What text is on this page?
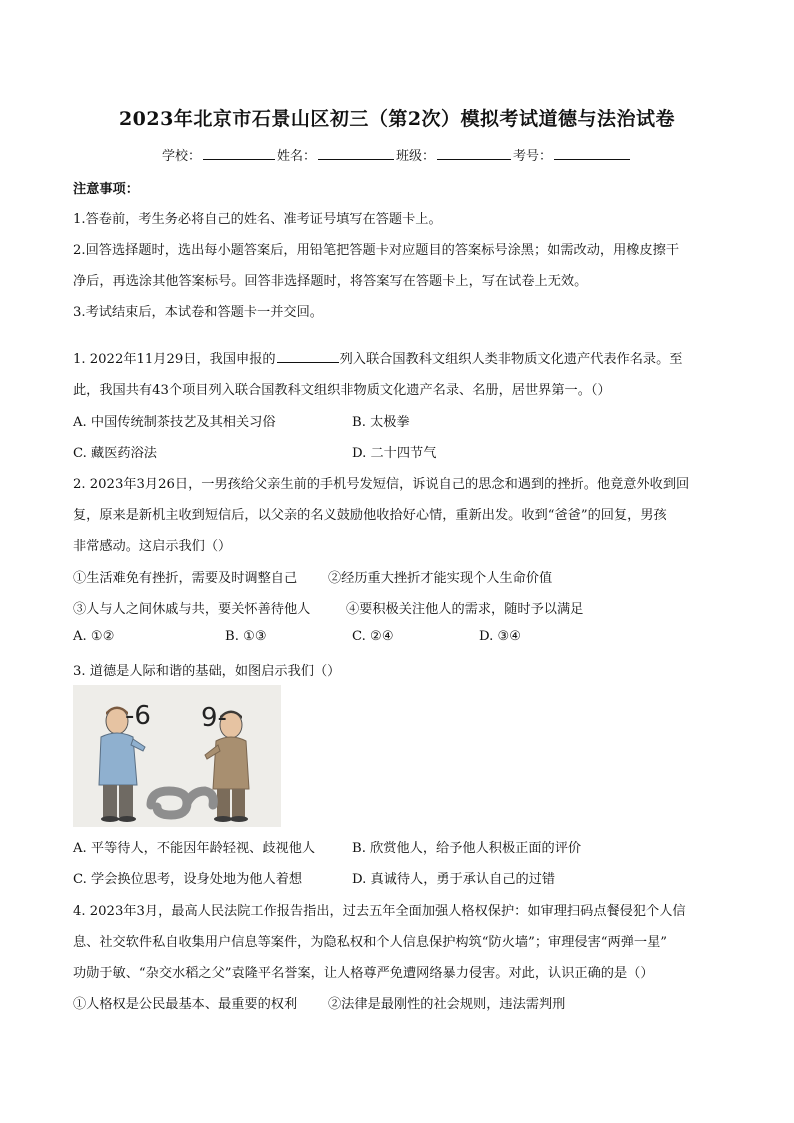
2023年北京市石景山区初三（第2次）模拟考试道德与法治试卷
学校：	姓名：	班级：	考号：
注意事项：
1.答卷前，考生务必将自己的姓名、准考证号填写在答题卡上。
2.回答选择题时，选出每小题答案后，用铅笔把答题卡对应题目的答案标号涂黑；如需改动，用橡皮擦干
净后，再选涂其他答案标号。回答非选择题时，将答案写在答题卡上，写在试卷上无效。
3.考试结束后，本试卷和答题卡一并交回。
1. 2022年11月29日，我国申报的	列入联合国教科文组织人类非物质文化遗产代表作名录。至
此，我国共有43个项目列入联合国教科文组织非物质文化遗产名录、名册，居世界第一。（）
A. 中国传统制茶技艺及其相关习俗	B. 太极拳
C. 藏医药浴法	D. 二十四节气
2. 2023年3月26日，一男孩给父亲生前的手机号发短信，诉说自己的思念和遇到的挫折。他竟意外收到回
复，原来是新机主收到短信后，以父亲的名义鼓励他收拾好心情，重新出发。收到“爸爸”的回复，男孩
非常感动。这启示我们（）
①生活难免有挫折，需要及时调整自己 ②经历重大挫折才能实现个人生命价值
③人与人之间休戚与共，要关怀善待他人	④要积极关注他人的需求，随时予以满足
A. ①②	B. ①③	C. ②④	D. ③④
3. 道德是人际和谐的基础，如图启示我们（）
-6 9-
A. 平等待人，不能因年龄轻视、歧视他人	B. 欣赏他人，给予他人积极正面的评价
C. 学会换位思考，设身处地为他人着想	D. 真诚待人，勇于承认自己的过错
4. 2023年3月，最高人民法院工作报告指出，过去五年全面加强人格权保护：如审理扫码点餐侵犯个人信
息、社交软件私自收集用户信息等案件，为隐私权和个人信息保护构筑“防火墙”；审理侵害“两弹一星”
功勋于敏、“杂交水稻之父”袁隆平名誉案，让人格尊严免遭网络暴力侵害。对此，认识正确的是（）
①人格权是公民最基本、最重要的权利 ②法律是最刚性的社会规则，违法需判刑
